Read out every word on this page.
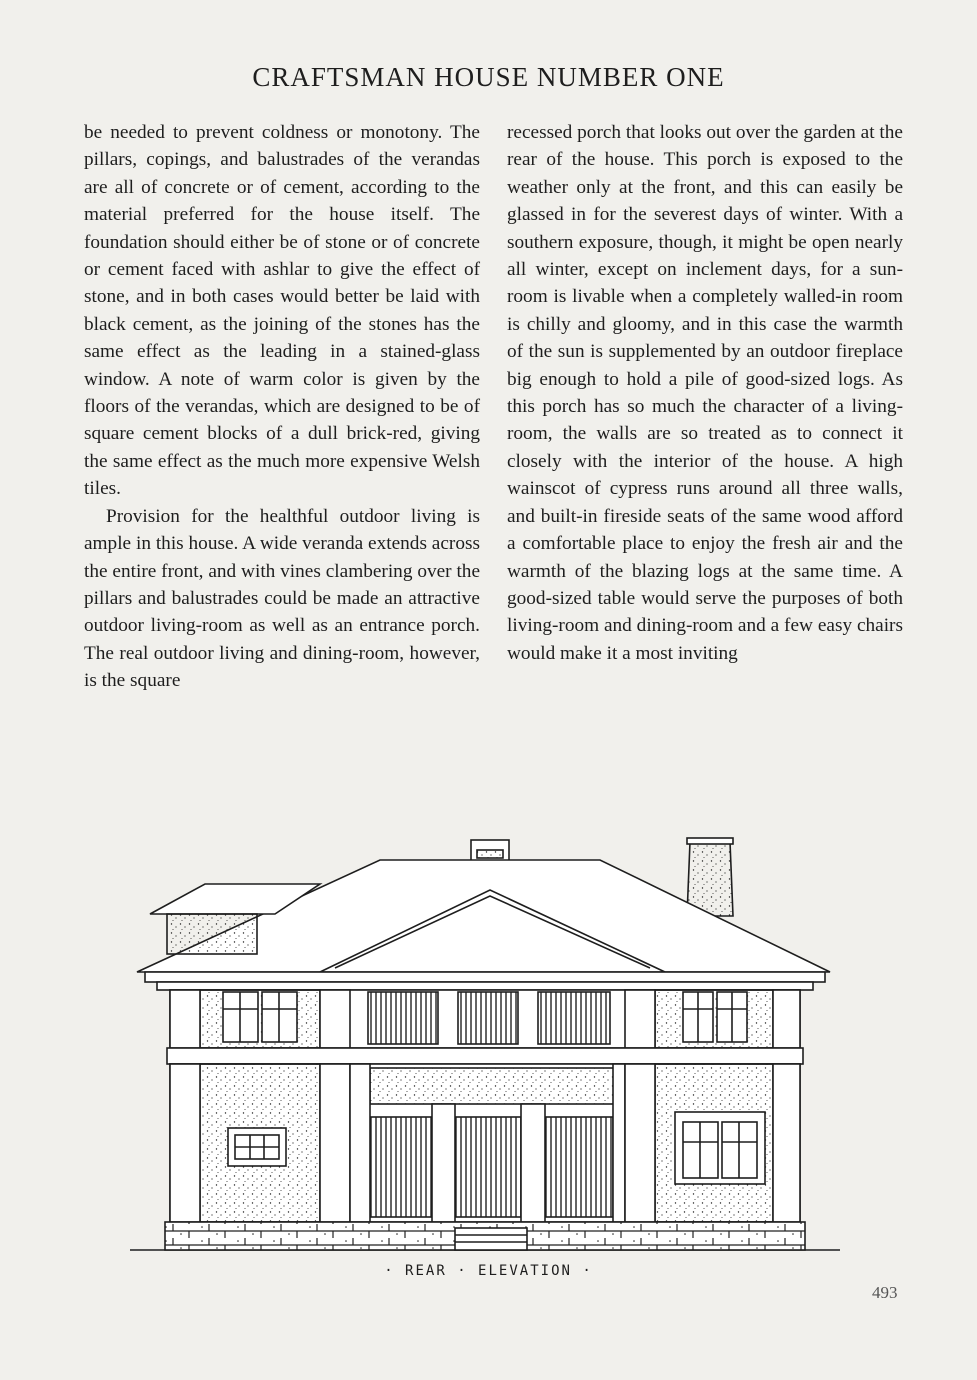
CRAFTSMAN HOUSE NUMBER ONE

be needed to prevent coldness or monotony. The pillars, copings, and balustrades of the verandas are all of concrete or of cement, according to the material preferred for the house itself. The foundation should either be of stone or of concrete or cement faced with ashlar to give the effect of stone, and in both cases would better be laid with black cement, as the joining of the stones has the same effect as the leading in a stained-glass window. A note of warm color is given by the floors of the verandas, which are designed to be of square cement blocks of a dull brick-red, giving the same effect as the much more expensive Welsh tiles.

Provision for the healthful outdoor living is ample in this house. A wide veranda extends across the entire front, and with vines clambering over the pillars and balustrades could be made an attractive outdoor living-room as well as an entrance porch. The real outdoor living and dining-room, however, is the square

recessed porch that looks out over the garden at the rear of the house. This porch is exposed to the weather only at the front, and this can easily be glassed in for the severest days of winter. With a southern exposure, though, it might be open nearly all winter, except on inclement days, for a sun-room is livable when a completely walled-in room is chilly and gloomy, and in this case the warmth of the sun is supplemented by an outdoor fireplace big enough to hold a pile of good-sized logs. As this porch has so much the character of a living-room, the walls are so treated as to connect it closely with the interior of the house. A high wainscot of cypress runs around all three walls, and built-in fireside seats of the same wood afford a comfortable place to enjoy the fresh air and the warmth of the blazing logs at the same time. A good-sized table would serve the purposes of both living-room and dining-room and a few easy chairs would make it a most inviting

· REAR · ELEVATION ·
493
